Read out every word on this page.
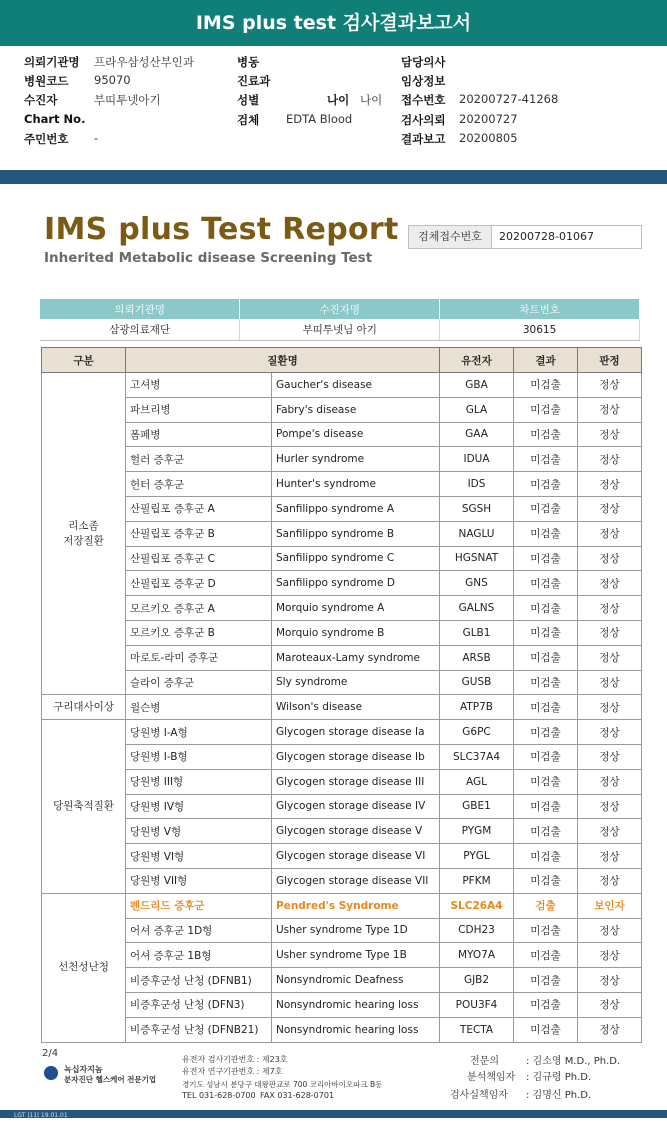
IMS plus test 검사결과보고서
의뢰기관명 프라우삼성산부인과
병원코드 95070
수진자	부띠투넷아기
Chart No.
주민번호 -
병동
진료과
성별
검체 EDTA Blood
담당의사
임상정보
접수번호 20200727-41268
검사의뢰 20200727
결과보고 20200805
나이 나이
IMS plus Test Report
Inherited Metabolic disease Screening Test
검체접수번호	20200728-01067
의뢰기관명	수진자명	차트번호
삼광의료재단	부띠투넷님 아기	30615
구분	질환명		유전자	결과	판정
리소좀
저장질환	고셔병	Gaucher's disease	GBA	미검출	정상
	파브리병	Fabry's disease	GLA	미검출	정상
	폼페병	Pompe's disease	GAA	미검출	정상
	헐러 증후군	Hurler syndrome	IDUA	미검출	정상
	헌터 증후군	Hunter's syndrome	IDS	미검출	정상
	산필립포 증후군 A	Sanfilippo syndrome A	SGSH	미검출	정상
	산필립포 증후군 B	Sanfilippo syndrome B	NAGLU	미검출	정상
	산필립포 증후군 C	Sanfilippo syndrome C	HGSNAT	미검출	정상
	산필립포 증후군 D	Sanfilippo syndrome D	GNS	미검출	정상
	모르키오 증후군 A	Morquio syndrome A	GALNS	미검출	정상
	모르키오 증후군 B	Morquio syndrome B	GLB1	미검출	정상
	마로토-라미 증후군	Maroteaux-Lamy syndrome	ARSB	미검출	정상
	슬라이 증후군	Sly syndrome	GUSB	미검출	정상
구리대사이상	윌슨병	Wilson's disease	ATP7B	미검출	정상
당원축적질환	당원병 I-A형	Glycogen storage disease Ia	G6PC	미검출	정상
	당원병 I-B형	Glycogen storage disease Ib	SLC37A4	미검출	정상
	당원병 III형	Glycogen storage disease III	AGL	미검출	정상
	당원병 IV형	Glycogen storage disease IV	GBE1	미검출	정상
	당원병 V형	Glycogen storage disease V	PYGM	미검출	정상
	당원병 VI형	Glycogen storage disease VI	PYGL	미검출	정상
	당원병 VII형	Glycogen storage disease VII	PFKM	미검출	정상
선천성난청	펜드리드 증후군	Pendred's Syndrome	SLC26A4	검출	보인자
	어셔 증후군 1D형	Usher syndrome Type 1D	CDH23	미검출	정상
	어셔 증후군 1B형	Usher syndrome Type 1B	MYO7A	미검출	정상
	비증후군성 난청 (DFNB1)	Nonsyndromic Deafness	GJB2	미검출	정상
	비증후군성 난청 (DFN3)	Nonsyndromic hearing loss	POU3F4	미검출	정상
	비증후군성 난청 (DFNB21)	Nonsyndromic hearing loss	TECTA	미검출	정상
2/4
녹십자지놈
분자진단 헬스케어 전문기업
유전자 검사기관번호 : 제23호
유전자 연구기관번호 : 제7호
경기도 성남시 분당구 대왕판교로 700 코리아바이오파크 B동
TEL 031-628-0700 FAX 031-628-0701
전문의	: 김소영 M.D., Ph.D.
분석책임자 : 김규령 Ph.D.
검사실책임자 : 김명신 Ph.D.
LGT |11| 19.01.01
